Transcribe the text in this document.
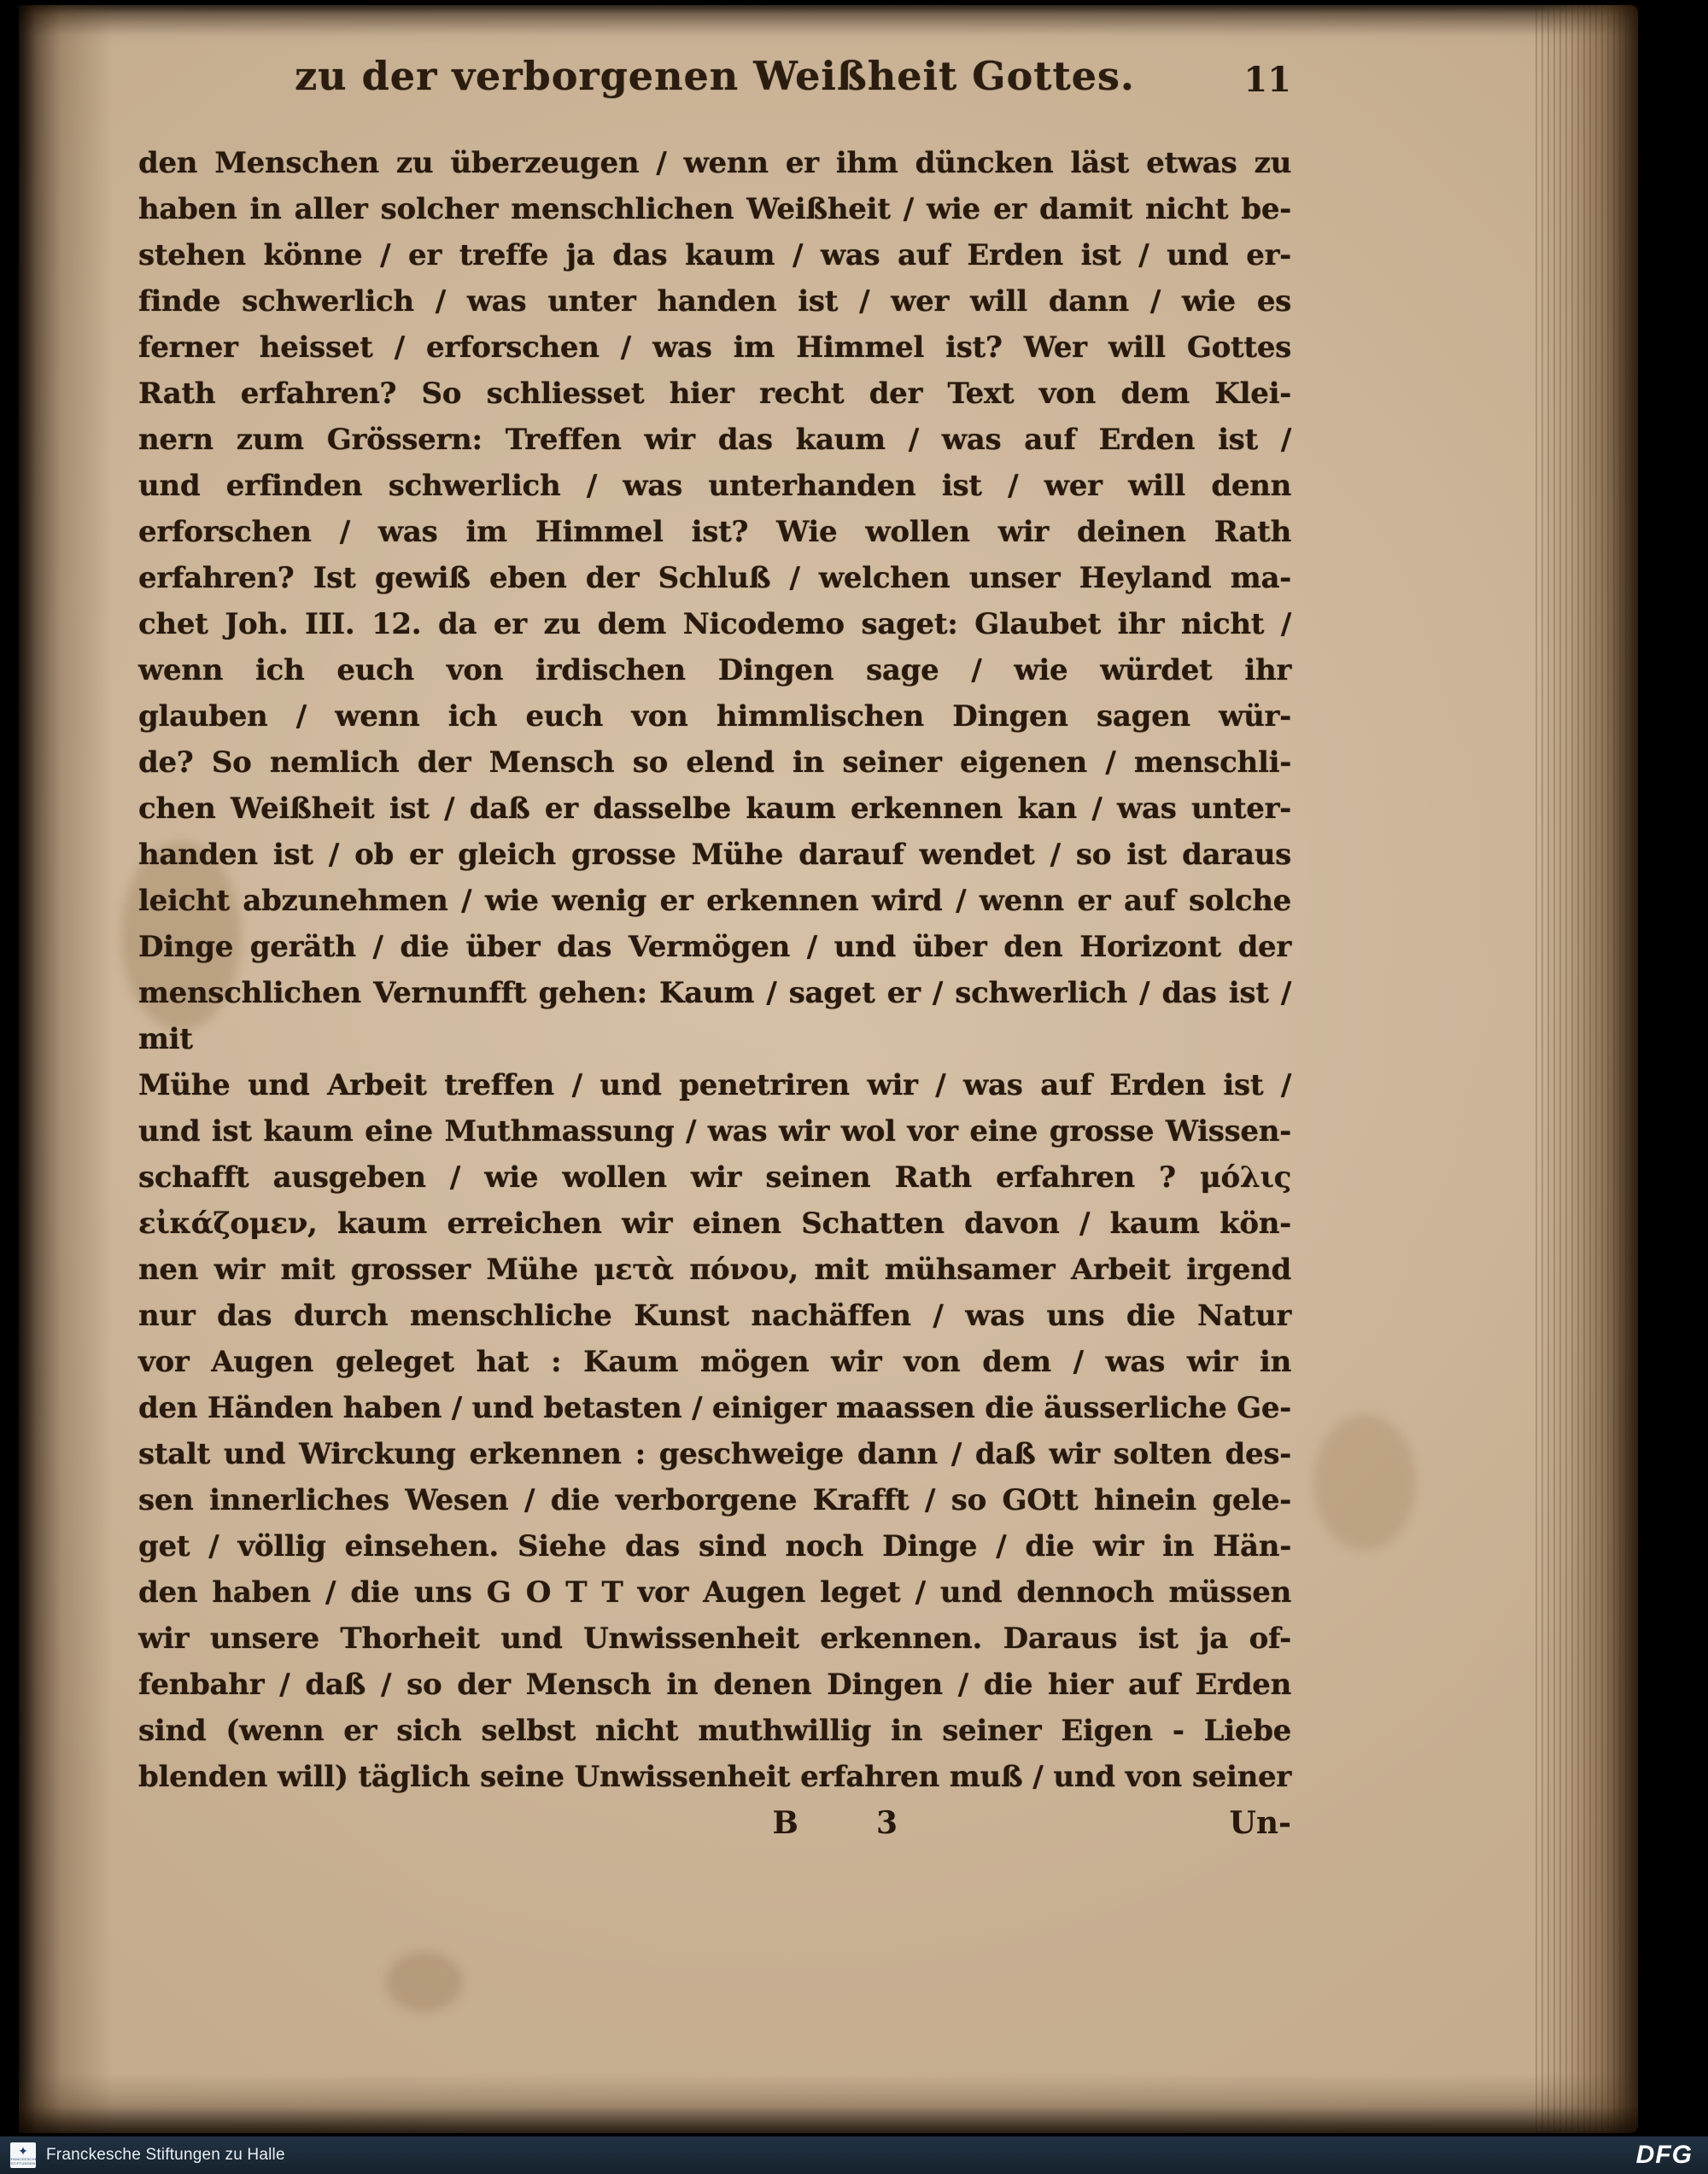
zu der verborgenen Weißheit Gottes.	11
den Menschen zu überzeugen / wenn er ihm düncken läst etwas zu
haben in aller solcher menschlichen Weißheit / wie er damit nicht be-
stehen könne / er treffe ja das kaum / was auf Erden ist / und er-
finde schwerlich / was unter handen ist / wer will dann / wie es
ferner heisset / erforschen / was im Himmel ist? Wer will Gottes
Rath erfahren? So schliesset hier recht der Text von dem Klei-
nern zum Grössern: Treffen wir das kaum / was auf Erden ist /
und erfinden schwerlich / was unterhanden ist / wer will denn
erforschen / was im Himmel ist? Wie wollen wir deinen Rath
erfahren? Ist gewiß eben der Schluß / welchen unser Heyland ma-
chet Joh. III. 12. da er zu dem Nicodemo saget: Glaubet ihr nicht /
wenn ich euch von irdischen Dingen sage / wie würdet ihr
glauben / wenn ich euch von himmlischen Dingen sagen wür-
de? So nemlich der Mensch so elend in seiner eigenen / menschli-
chen Weißheit ist / daß er dasselbe kaum erkennen kan / was unter-
handen ist / ob er gleich grosse Mühe darauf wendet / so ist daraus
leicht abzunehmen / wie wenig er erkennen wird / wenn er auf solche
Dinge geräth / die über das Vermögen / und über den Horizont der
menschlichen Vernunfft gehen: Kaum / saget er / schwerlich / das ist / mit
Mühe und Arbeit treffen / und penetriren wir / was auf Erden ist /
und ist kaum eine Muthmassung / was wir wol vor eine grosse Wissen-
schafft ausgeben / wie wollen wir seinen Rath erfahren ? μόλις
εἰκάζομεν, kaum erreichen wir einen Schatten davon / kaum kön-
nen wir mit grosser Mühe μετὰ πόνου, mit mühsamer Arbeit irgend
nur das durch menschliche Kunst nachäffen / was uns die Natur
vor Augen geleget hat : Kaum mögen wir von dem / was wir in
den Händen haben / und betasten / einiger maassen die äusserliche Ge-
stalt und Wirckung erkennen : geschweige dann / daß wir solten des-
sen innerliches Wesen / die verborgene Krafft / so GOtt hinein gele-
get / völlig einsehen. Siehe das sind noch Dinge / die wir in Hän-
den haben / die uns G O T T vor Augen leget / und dennoch müssen
wir unsere Thorheit und Unwissenheit erkennen. Daraus ist ja of-
fenbahr / daß / so der Mensch in denen Dingen / die hier auf Erden
sind (wenn er sich selbst nicht muthwillig in seiner Eigen - Liebe
blenden will) täglich seine Unwissenheit erfahren muß / und von seiner
B	3	Un-
✦
FRANCKESCHE
STIFTUNGEN Franckesche Stiftungen zu Halle	DFG
